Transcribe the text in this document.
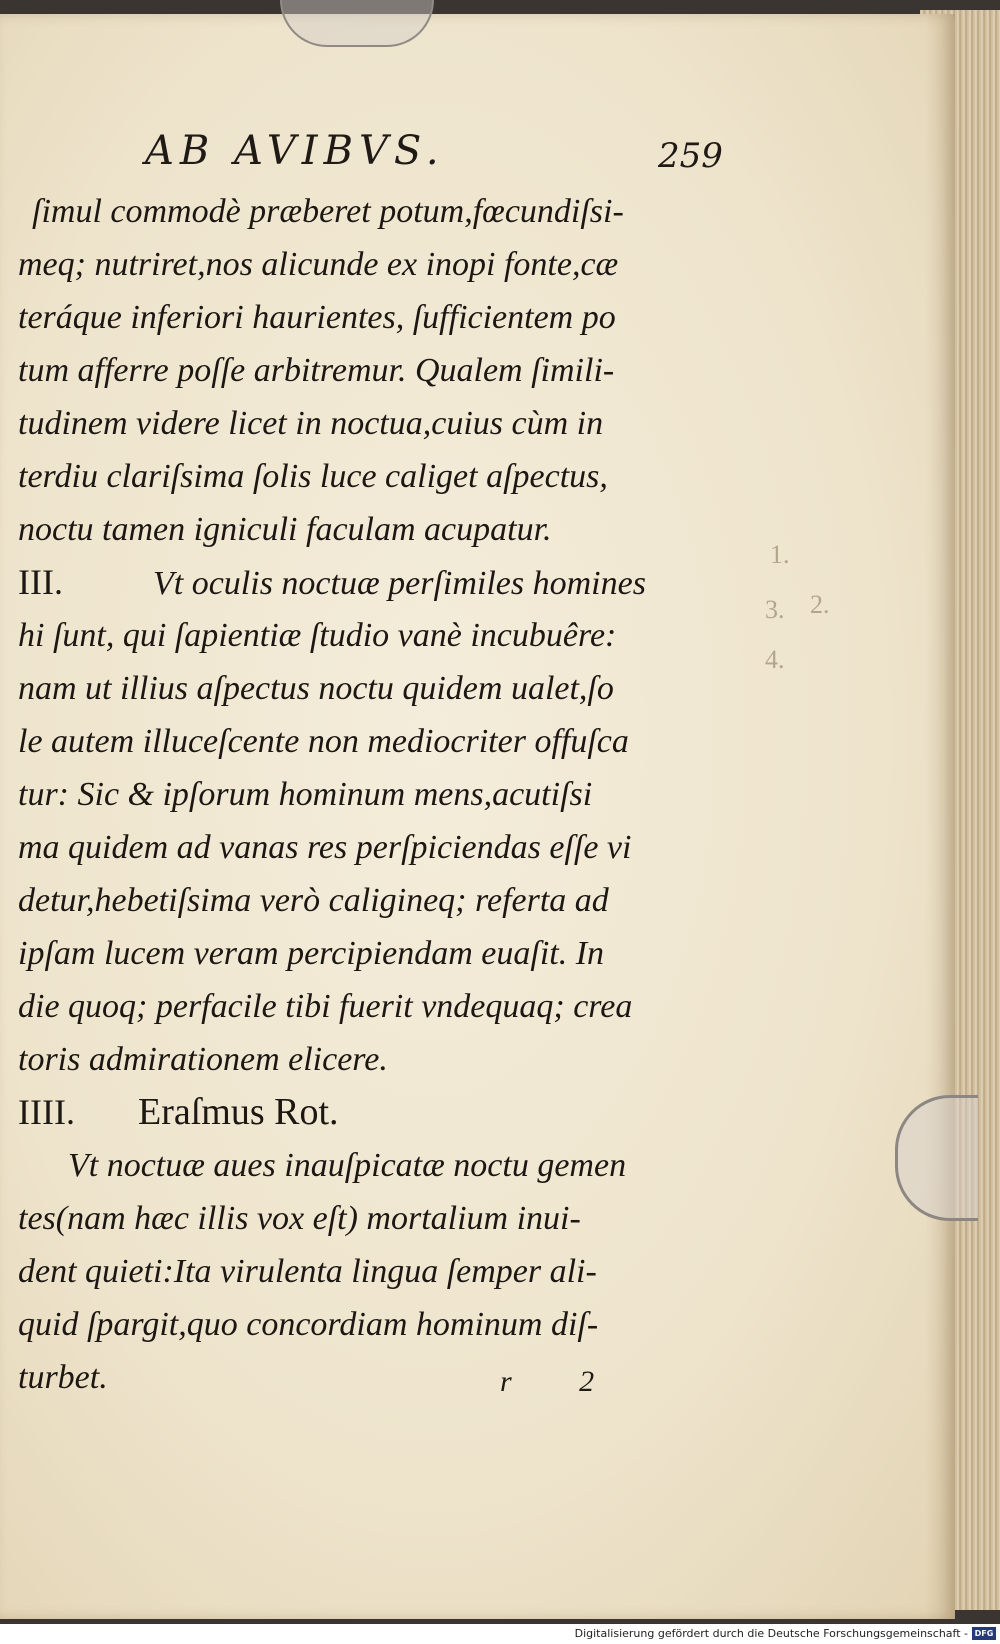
AB AVIBVS.	259

ſimul commodè præberet potum,fœcundiſsi-
meq; nutriret,nos alicunde ex inopi fonte,cæ
teráque inferiori haurientes, ſufficientem po
tum afferre poſſe arbitremur. Qualem ſimili-
tudinem videre licet in noctua,cuius cùm in
terdiu clariſsima ſolis luce caliget aſpectus,
noctu tamen igniculi faculam acupatur.
III.	Vt oculis noctuæ perſimiles homines
hi ſunt, qui ſapientiæ ſtudio vanè incubuêre:
nam ut illius aſpectus noctu quidem ualet,ſo
le autem illuceſcente non mediocriter offuſca
tur: Sic & ipſorum hominum mens,acutiſsi
ma quidem ad vanas res perſpiciendas eſſe vi
detur,hebetiſsima verò caligineq; referta ad
ipſam lucem veram percipiendam euaſit. In
die quoq; perfacile tibi fuerit vndequaq; crea
toris admirationem elicere.
IIII. Eraſmus Rot.
Vt noctuæ aues inauſpicatæ noctu gemen
tes(nam hæc illis vox eſt) mortalium inui-
dent quieti:Ita virulenta lingua ſemper ali-
quid ſpargit,quo concordiam hominum diſ-
turbet.
1.
2.
3.
4.

r 2

Digitalisierung gefördert durch die Deutsche Forschungsgemeinschaft - DFG
